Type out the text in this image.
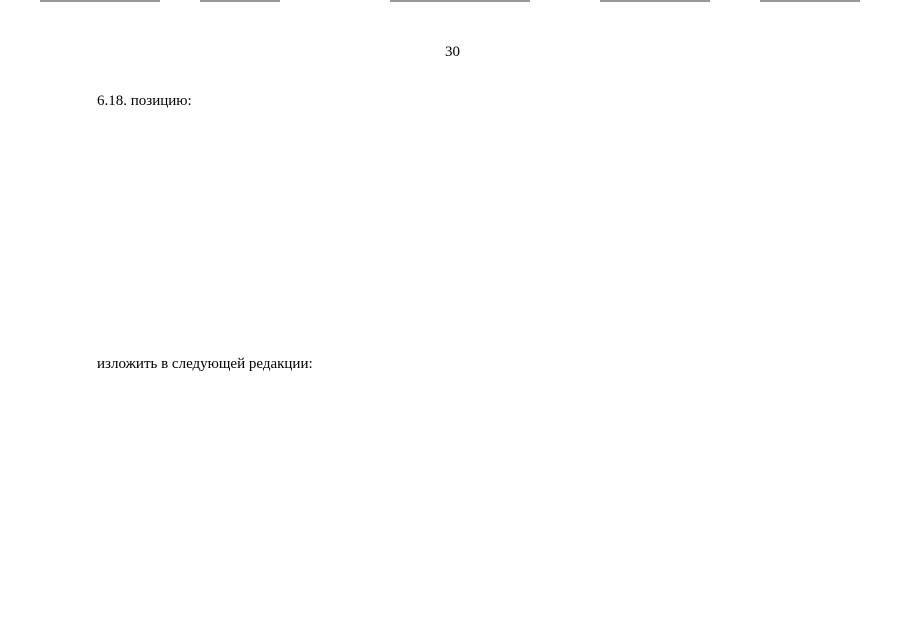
30
6.18. позицию:
изложить в следующей редакции:
